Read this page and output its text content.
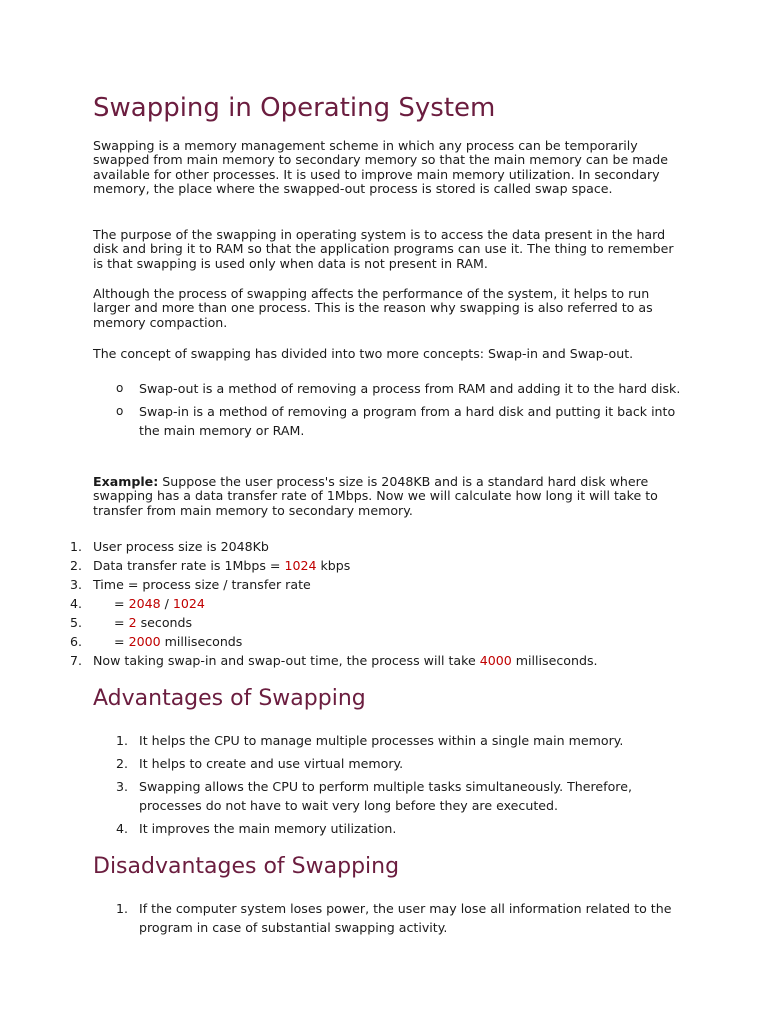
Swapping in Operating System

Swapping is a memory management scheme in which any process can be temporarily swapped from main memory to secondary memory so that the main memory can be made available for other processes. It is used to improve main memory utilization. In secondary memory, the place where the swapped-out process is stored is called swap space.

The purpose of the swapping in operating system is to access the data present in the hard disk and bring it to RAM so that the application programs can use it. The thing to remember is that swapping is used only when data is not present in RAM.

Although the process of swapping affects the performance of the system, it helps to run larger and more than one process. This is the reason why swapping is also referred to as memory compaction.

The concept of swapping has divided into two more concepts: Swap-in and Swap-out.

o Swap-out is a method of removing a process from RAM and adding it to the hard disk.
o Swap-in is a method of removing a program from a hard disk and putting it back into the main memory or RAM.

Example: Suppose the user process's size is 2048KB and is a standard hard disk where swapping has a data transfer rate of 1Mbps. Now we will calculate how long it will take to transfer from main memory to secondary memory.

1. User process size is 2048Kb
2. Data transfer rate is 1Mbps = 1024 kbps
3. Time = process size / transfer rate
4.	= 2048 / 1024
5.	= 2 seconds
6.	= 2000 milliseconds
7. Now taking swap-in and swap-out time, the process will take 4000 milliseconds.
Advantages of Swapping
1. It helps the CPU to manage multiple processes within a single main memory.
2. It helps to create and use virtual memory.
3. Swapping allows the CPU to perform multiple tasks simultaneously. Therefore, processes do not have to wait very long before they are executed.
4. It improves the main memory utilization.
Disadvantages of Swapping
1. If the computer system loses power, the user may lose all information related to the program in case of substantial swapping activity.
